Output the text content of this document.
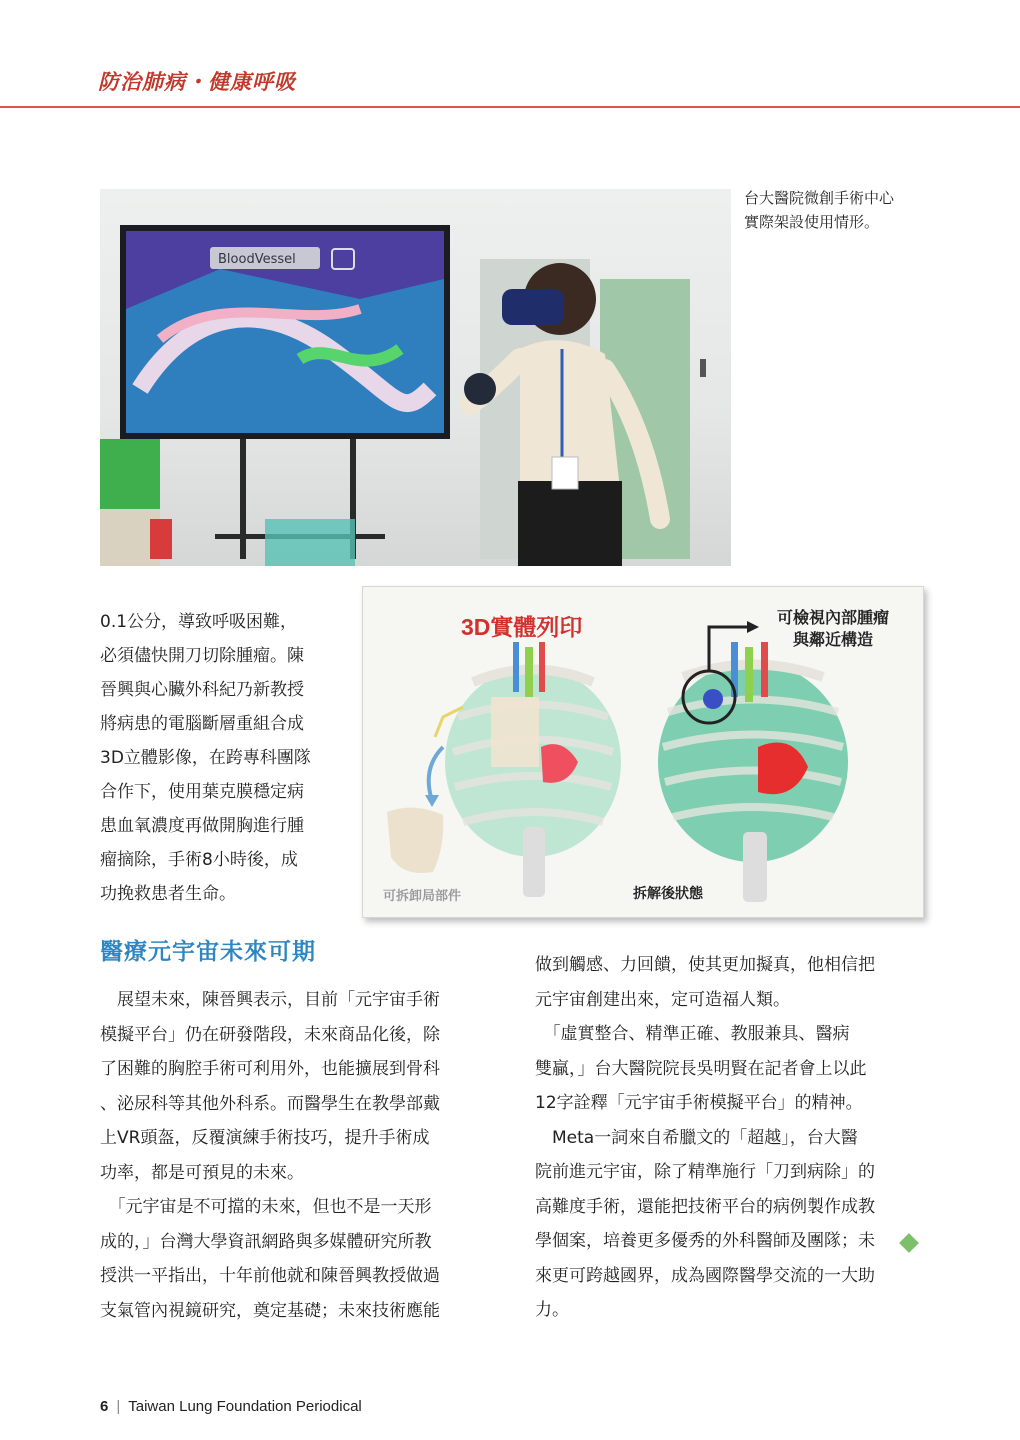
防治肺病・健康呼吸
BloodVessel
台大醫院微創手術中心
實際架設使用情形。
0.1公分，導致呼吸困難，
必須儘快開刀切除腫瘤。陳
晉興與心臟外科紀乃新教授
將病患的電腦斷層重組合成
3D立體影像，在跨專科團隊
合作下，使用葉克膜穩定病
患血氧濃度再做開胸進行腫
瘤摘除，手術8小時後，成
功挽救患者生命。
3D實體列印	可檢視內部腫瘤
與鄰近構造
可拆卸局部件	拆解後狀態
醫療元宇宙未來可期
　展望未來，陳晉興表示，目前「元宇宙手術
模擬平台」仍在研發階段，未來商品化後，除
了困難的胸腔手術可利用外，也能擴展到骨科
、泌尿科等其他外科系。而醫學生在教學部戴
上VR頭盔，反覆演練手術技巧，提升手術成
功率，都是可預見的未來。
　「元宇宙是不可擋的未來，但也不是一天形
成的，」台灣大學資訊網路與多媒體研究所教
授洪一平指出，十年前他就和陳晉興教授做過
支氣管內視鏡研究，奠定基礎；未來技術應能
做到觸感、力回饋，使其更加擬真，他相信把
元宇宙創建出來，定可造福人類。
　「虛實整合、精準正確、教服兼具、醫病
雙贏，」台大醫院院長吳明賢在記者會上以此
12字詮釋「元宇宙手術模擬平台」的精神。
　Meta一詞來自希臘文的「超越」，台大醫
院前進元宇宙，除了精準施行「刀到病除」的
高難度手術，還能把技術平台的病例製作成教
學個案，培養更多優秀的外科醫師及團隊；未
來更可跨越國界，成為國際醫學交流的一大助
力。
6 | Taiwan Lung Foundation Periodical
